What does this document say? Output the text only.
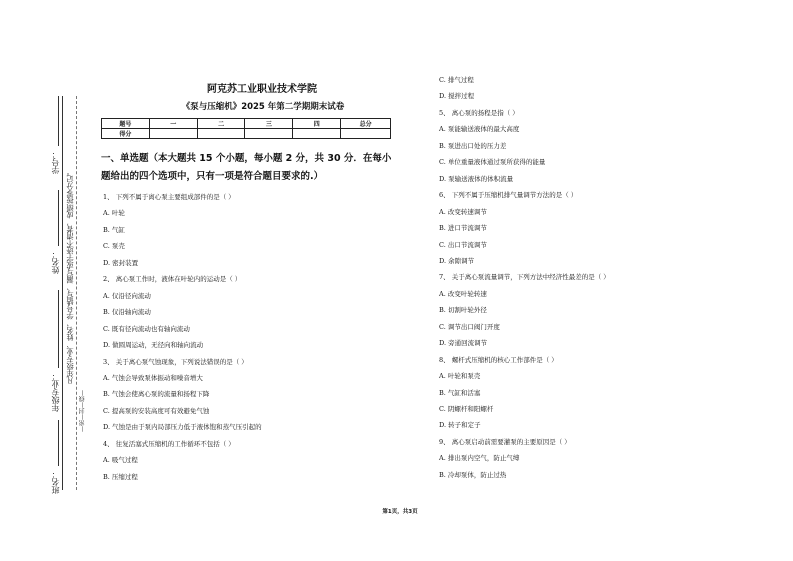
学号：
姓名：
年级专业：
班名：
凡年级专业、姓名、学号错写、漏写或字迹不清者，成绩按零分记。
—密—封—线—
阿克苏工业职业技术学院
《泵与压缩机》2025 年第二学期期末试卷
题号	一	二	三	四	总分
得分					
一、单选题（本大题共 15 个小题，每小题 2 分，共 30 分．在每小
题给出的四个选项中，只有一项是符合题目要求的.）
1、 下列不属于离心泵主要组成部件的是（ ）
A. 叶轮
B. 气缸
C. 泵壳
D. 密封装置
2、 离心泵工作时，液体在叶轮内的运动是（ ）
A. 仅沿径向流动
B. 仅沿轴向流动
C. 既有径向流动也有轴向流动
D. 做圆周运动，无径向和轴向流动
3、 关于离心泵气蚀现象，下列说法错误的是（ ）
A. 气蚀会导致泵体振动和噪音增大
B. 气蚀会使离心泵的流量和扬程下降
C. 提高泵的安装高度可有效避免气蚀
D. 气蚀是由于泵内局部压力低于液体饱和蒸气压引起的
4、 往复活塞式压缩机的工作循环不包括（ ）
A. 吸气过程
B. 压缩过程
C. 排气过程
D. 搅拌过程
5、 离心泵的扬程是指（ ）
A. 泵能输送液体的最大高度
B. 泵进出口处的压力差
C. 单位重量液体通过泵所获得的能量
D. 泵输送液体的体积流量
6、 下列不属于压缩机排气量调节方法的是（ ）
A. 改变转速调节
B. 进口节流调节
C. 出口节流调节
D. 余隙调节
7、 关于离心泵流量调节，下列方法中经济性最差的是（ ）
A. 改变叶轮转速
B. 切割叶轮外径
C. 调节出口阀门开度
D. 旁通回流调节
8、 螺杆式压缩机的核心工作部件是（ ）
A. 叶轮和泵壳
B. 气缸和活塞
C. 阴螺杆和阳螺杆
D. 转子和定子
9、 离心泵启动前需要灌泵的主要原因是（ ）
A. 排出泵内空气，防止气缚
B. 冷却泵体，防止过热
第1页，共3页
